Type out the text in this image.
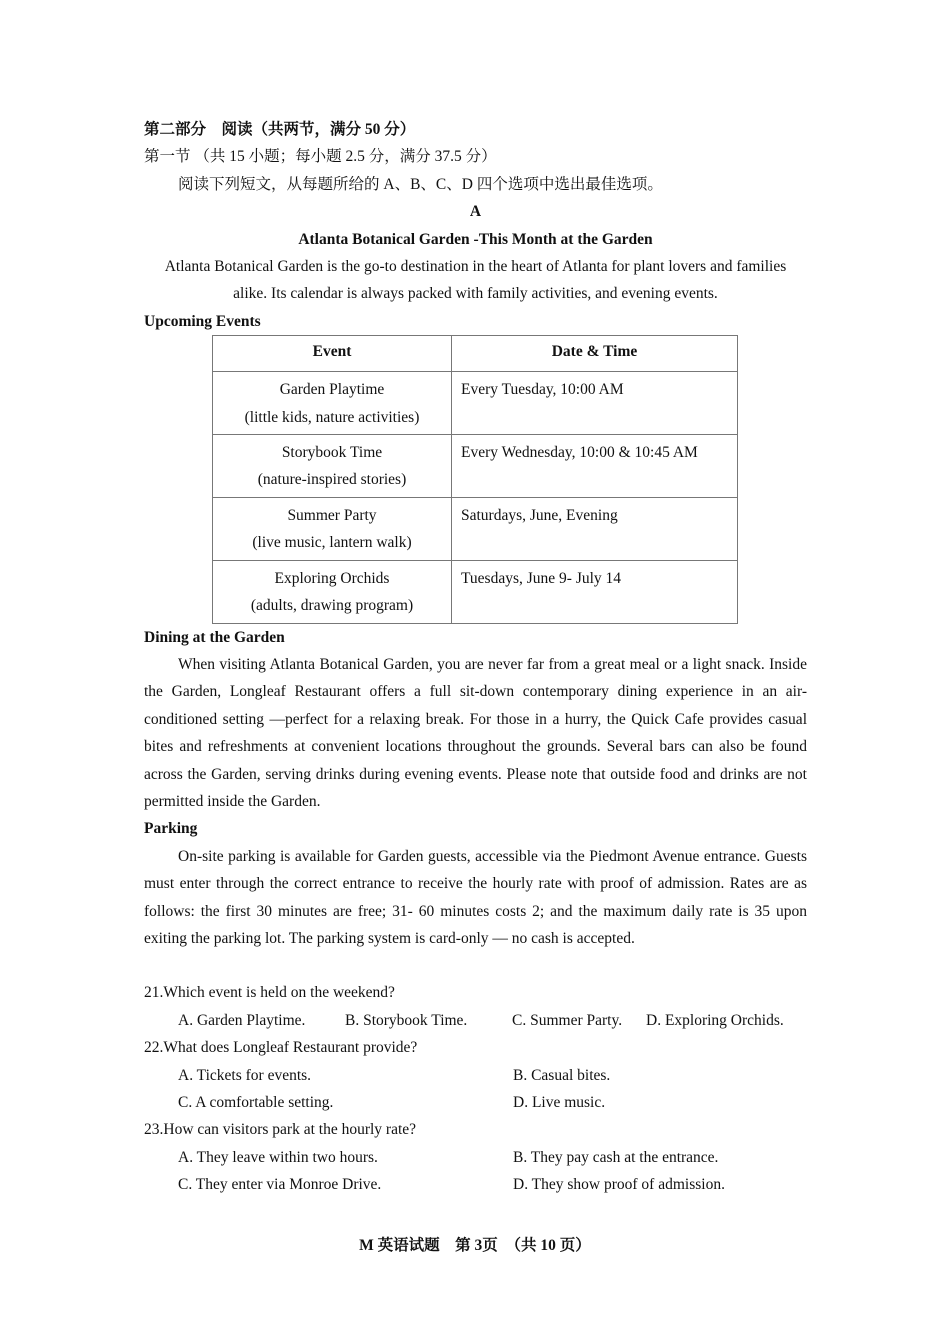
第二部分　阅读（共两节，满分 50 分）
第一节 （共 15 小题；每小题 2.5 分，满分 37.5 分）
阅读下列短文，从每题所给的 A、B、C、D 四个选项中选出最佳选项。
A
Atlanta Botanical Garden -This Month at the Garden
Atlanta Botanical Garden is the go-to destination in the heart of Atlanta for plant lovers and families alike. Its calendar is always packed with family activities, and evening events.
Upcoming Events
Event	Date & Time

Garden Playtime
(little kids, nature activities)	Every Tuesday, 10:00 AM

Storybook Time
(nature-inspired stories)	Every Wednesday, 10:00 & 10:45 AM

Summer Party
(live music, lantern walk)	Saturdays, June, Evening

Exploring Orchids
(adults, drawing program)	Tuesdays, June 9- July 14
Dining at the Garden
When visiting Atlanta Botanical Garden, you are never far from a great meal or a light snack. Inside the Garden, Longleaf Restaurant offers a full sit-down contemporary dining experience in an air-conditioned setting —perfect for a relaxing break. For those in a hurry, the Quick Cafe provides casual bites and refreshments at convenient locations throughout the grounds. Several bars can also be found across the Garden, serving drinks during evening events. Please note that outside food and drinks are not permitted inside the Garden.
Parking
On-site parking is available for Garden guests, accessible via the Piedmont Avenue entrance. Guests must enter through the correct entrance to receive the hourly rate with proof of admission. Rates are as follows: the first 30 minutes are free; 31- 60 minutes costs 2; and the maximum daily rate is 35 upon exiting the parking lot. The parking system is card-only — no cash is accepted.
21.Which event is held on the weekend?
A. Garden Playtime.	B. Storybook Time.	C. Summer Party.	D. Exploring Orchids.
22.What does Longleaf Restaurant provide?
A. Tickets for events.	B. Casual bites.
C. A comfortable setting.	D. Live music.
23.How can visitors park at the hourly rate?
A. They leave within two hours.	B. They pay cash at the entrance.
C. They enter via Monroe Drive.	D. They show proof of admission.
M 英语试题　第 3页　（共 10 页）
